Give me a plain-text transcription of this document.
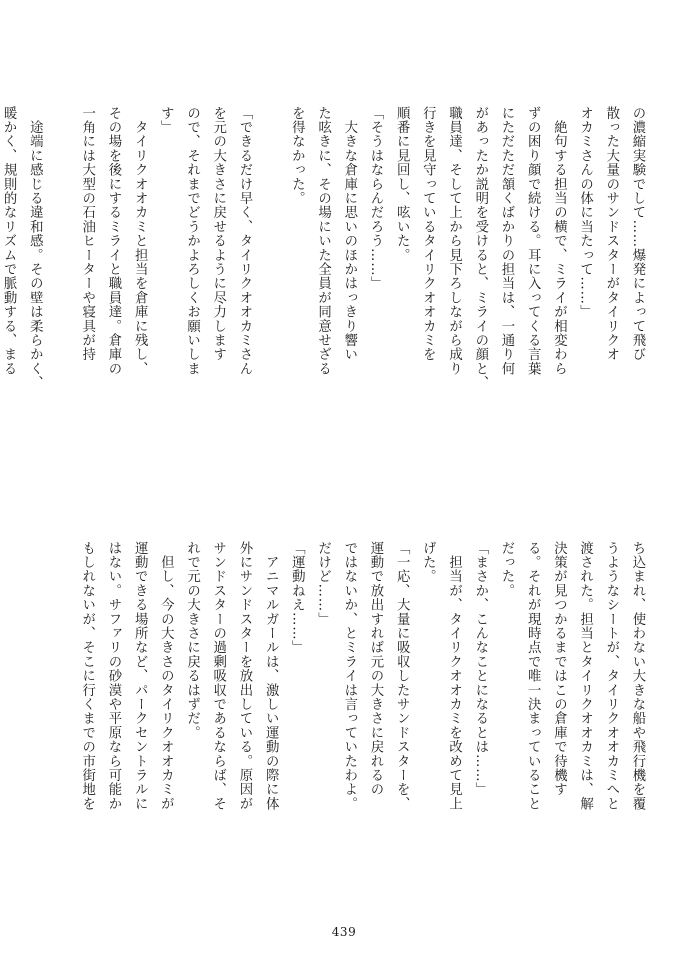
の濃縮実験でして……爆発によって飛び
散った大量のサンドスターがタイリクオ
オカミさんの体に当たって……」
　絶句する担当の横で、ミライが相変わら
ずの困り顔で続ける。耳に入ってくる言葉
にただただ頷くばかりの担当は、一通り何
があったか説明を受けると、ミライの顔と、
職員達、そして上から見下ろしながら成り
行きを見守っているタイリクオオカミを
順番に見回し、呟いた。
「そうはならんだろう……」
　大きな倉庫に思いのほかはっきり響い
た呟きに、その場にいた全員が同意せざる
を得なかった。

「できるだけ早く、タイリクオオカミさん
を元の大きさに戻せるように尽力します
ので、それまでどうかよろしくお願いしま
す」
　タイリクオオカミと担当を倉庫に残し、
その場を後にするミライと職員達。倉庫の
一角には大型の石油ヒーターや寝具が持

　途端に感じる違和感。その壁は柔らかく、
暖かく、規則的なリズムで脈動する、まる
ち込まれ、使わない大きな船や飛行機を覆
うようなシートが、タイリクオオカミへと
渡された。担当とタイリクオオカミは、解
決策が見つかるまではこの倉庫で待機す
る。それが現時点で唯一決まっていること
だった。
「まさか、こんなことになるとは……」
　担当が、タイリクオオカミを改めて見上
げた。
「一応、大量に吸収したサンドスターを、
運動で放出すれば元の大きさに戻れるの
ではないか、とミライは言っていたわよ。
だけど……」
「運動ねえ……」
　アニマルガールは、激しい運動の際に体
外にサンドスターを放出している。原因が
サンドスターの過剰吸収であるならば、そ
れで元の大きさに戻るはずだ。
　但し、今の大きさのタイリクオオカミが
運動できる場所など、パークセントラルに
はない。サファリの砂漠や平原なら可能か
もしれないが、そこに行くまでの市街地を
439
